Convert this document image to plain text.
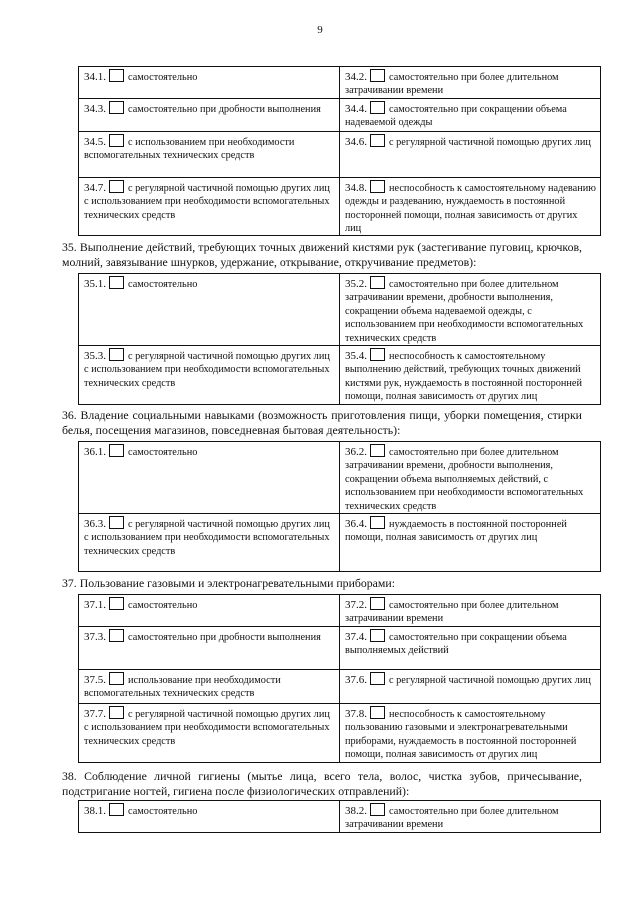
9
34.1. самостоятельно	34.2. самостоятельно при более длительном затрачивании времени
34.3. самостоятельно при дробности выполнения	34.4. самостоятельно при сокращении объема надеваемой одежды
34.5. с использованием при необходимости вспомогательных технических средств	34.6. с регулярной частичной помощью других лиц
34.7. с регулярной частичной помощью других лиц с использованием при необходимости вспомогательных технических средств	34.8. неспособность к самостоятельному надеванию одежды и раздеванию, нуждаемость в постоянной посторонней помощи, полная зависимость от других лиц
35. Выполнение действий, требующих точных движений кистями рук (застегивание пуговиц, крючков, молний, завязывание шнурков, удержание, открывание, откручивание предметов):
35.1. самостоятельно	35.2. самостоятельно при более длительном затрачивании времени, дробности выполнения, сокращении объема надеваемой одежды, с использованием при необходимости вспомогательных технических средств
35.3. с регулярной частичной помощью других лиц с использованием при необходимости вспомогательных технических средств	35.4. неспособность к самостоятельному выполнению действий, требующих точных движений кистями рук, нуждаемость в постоянной посторонней помощи, полная зависимость от других лиц
36. Владение социальными навыками (возможность приготовления пищи, уборки помещения, стирки белья, посещения магазинов, повседневная бытовая деятельность):
36.1. самостоятельно	36.2. самостоятельно при более длительном затрачивании времени, дробности выполнения, сокращении объема выполняемых действий, с использованием при необходимости вспомогательных технических средств
36.3. с регулярной частичной помощью других лиц с использованием при необходимости вспомогательных технических средств	36.4. нуждаемость в постоянной посторонней помощи, полная зависимость от других лиц
37. Пользование газовыми и электронагревательными приборами:
37.1. самостоятельно	37.2. самостоятельно при более длительном затрачивании времени
37.3. самостоятельно при дробности выполнения	37.4. самостоятельно при сокращении объема выполняемых действий
37.5. использование при необходимости вспомогательных технических средств	37.6. с регулярной частичной помощью других лиц
37.7. с регулярной частичной помощью других лиц с использованием при необходимости вспомогательных технических средств	37.8. неспособность к самостоятельному пользованию газовыми и электронагревательными приборами, нуждаемость в постоянной посторонней помощи, полная зависимость от других лиц
38. Соблюдение личной гигиены (мытье лица, всего тела, волос, чистка зубов, причесывание, подстригание ногтей, гигиена после физиологических отправлений):
38.1. самостоятельно	38.2. самостоятельно при более длительном затрачивании времени
